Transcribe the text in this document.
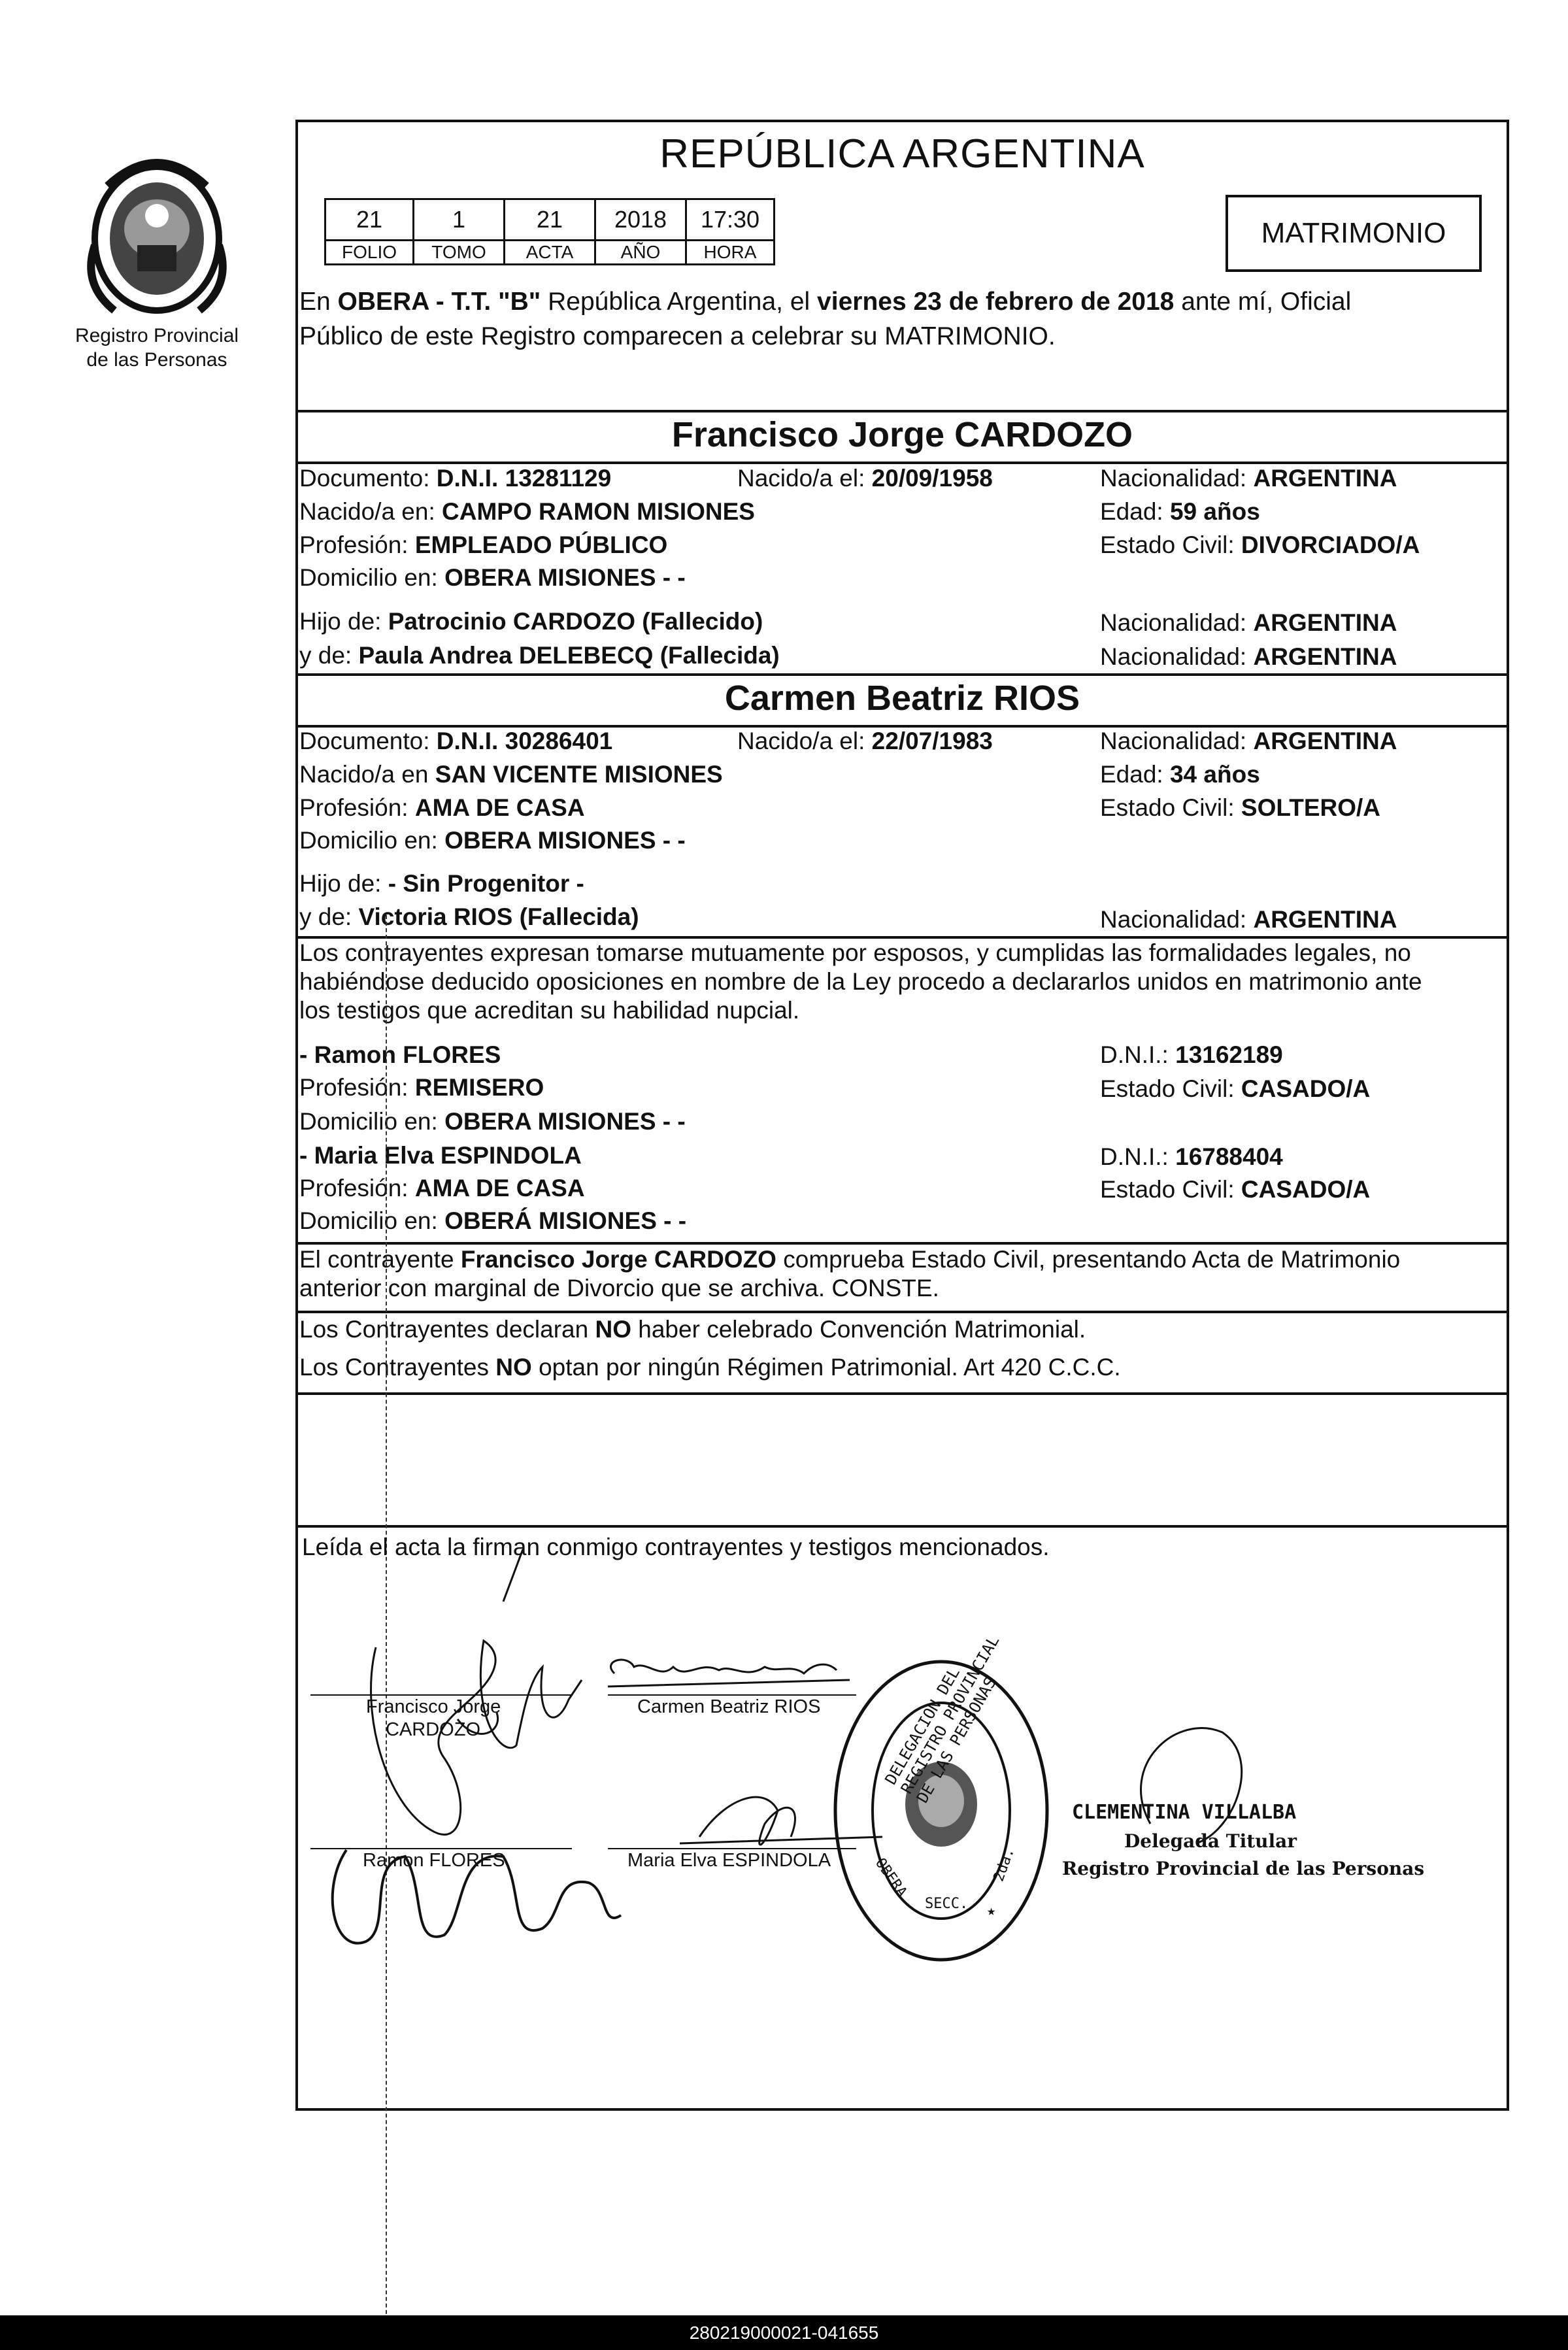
Registro Provincial
de las Personas
REPÚBLICA ARGENTINA
21	1	21	2018	17:30
FOLIO	TOMO	ACTA	AÑO	HORA
MATRIMONIO
En OBERA - T.T. "B" República Argentina, el viernes 23 de febrero de 2018 ante mí, Oficial
Público de este Registro comparecen a celebrar su MATRIMONIO.
Francisco Jorge CARDOZO
Documento: D.N.I. 13281129	Nacido/a el: 20/09/1958	Nacionalidad: ARGENTINA
Nacido/a en: CAMPO RAMON MISIONES	Edad: 59 años
Profesión: EMPLEADO PÚBLICO	Estado Civil: DIVORCIADO/A
Domicilio en: OBERA MISIONES - -
Hijo de: Patrocinio CARDOZO (Fallecido)	Nacionalidad: ARGENTINA
y de: Paula Andrea DELEBECQ (Fallecida)	Nacionalidad: ARGENTINA
Carmen Beatriz RIOS
Documento: D.N.I. 30286401	Nacido/a el: 22/07/1983	Nacionalidad: ARGENTINA
Nacido/a en SAN VICENTE MISIONES	Edad: 34 años
Profesión: AMA DE CASA	Estado Civil: SOLTERO/A
Domicilio en: OBERA MISIONES - -
Hijo de: - Sin Progenitor -
y de: Victoria RIOS (Fallecida)	Nacionalidad: ARGENTINA
Los contrayentes expresan tomarse mutuamente por esposos, y cumplidas las formalidades legales, no
habiéndose deducido oposiciones en nombre de la Ley procedo a declararlos unidos en matrimonio ante
los testigos que acreditan su habilidad nupcial.
- Ramon FLORES	D.N.I.: 13162189
Profesión: REMISERO	Estado Civil: CASADO/A
Domicilio en: OBERA MISIONES - -
- Maria Elva ESPINDOLA	D.N.I.: 16788404
Profesión: AMA DE CASA	Estado Civil: CASADO/A
Domicilio en: OBERÁ MISIONES - -
El contrayente Francisco Jorge CARDOZO comprueba Estado Civil, presentando Acta de Matrimonio
anterior con marginal de Divorcio que se archiva. CONSTE.
Los Contrayentes declaran NO haber celebrado Convención Matrimonial.
Los Contrayentes NO optan por ningún Régimen Patrimonial. Art 420 C.C.C.
Leída el acta la firman conmigo contrayentes y testigos mencionados.
Francisco Jorge
CARDOZO
Carmen Beatriz RIOS
Ramon FLORES	Maria Elva ESPINDOLA
★
DELEGACION DEL REGISTRO PROVINCIAL DE LAS PERSONAS
OBERA	2da.
SECC.
CLEMENTINA VILLALBA
Delegada Titular
Registro Provincial de las Personas
280219000021-041655
